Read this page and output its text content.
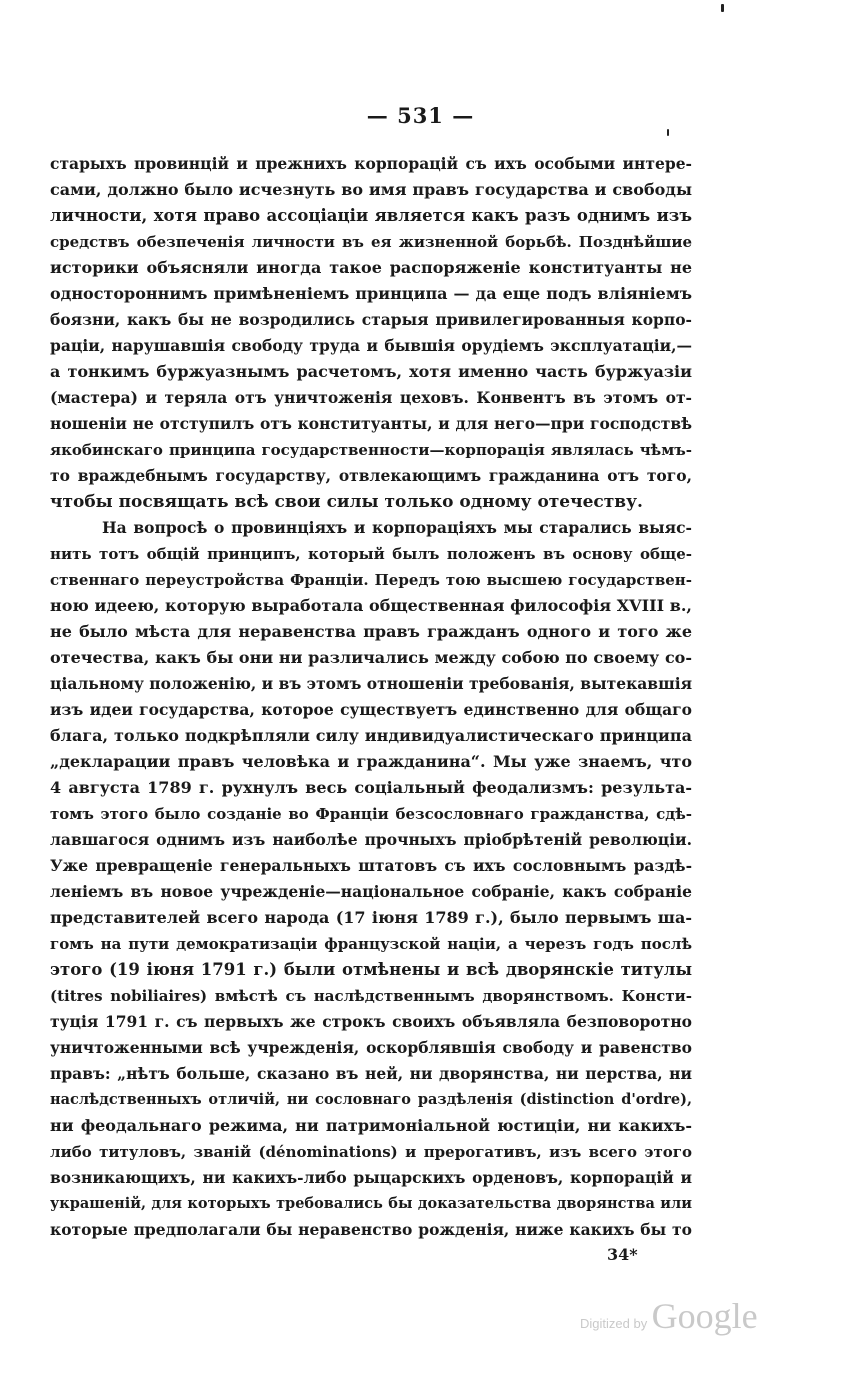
— 531 —
старыхъ провинцій и прежнихъ корпорацій съ ихъ особыми интере-
сами, должно было исчезнуть во имя правъ государства и свободы
личности, хотя право ассоціаціи является какъ разъ однимъ изъ
средствъ обезпеченія личности въ ея жизненной борьбѣ. Позднѣйшие
историки объясняли иногда такое распоряженіе конституанты не
одностороннимъ примѣненіемъ принципа — да еще подъ вліяніемъ
боязни, какъ бы не возродились старыя привилегированныя корпо-
раціи, нарушавшія свободу труда и бывшія орудіемъ эксплуатаціи,—
а тонкимъ буржуазнымъ расчетомъ, хотя именно часть буржуазіи
(мастера) и теряла отъ уничтоженія цеховъ. Конвентъ въ этомъ от-
ношеніи не отступилъ отъ конституанты, и для него—при господствѣ
якобинскаго принципа государственности—корпорація являлась чѣмъ-
то враждебнымъ государству, отвлекающимъ гражданина отъ того,
чтобы посвящать всѣ свои силы только одному отечеству.
На вопросѣ о провинціяхъ и корпораціяхъ мы старались выяс-
нить тотъ общій принципъ, который былъ положенъ въ основу обще-
ственнаго переустройства Франціи. Передъ тою высшею государствен-
ною идеею, которую выработала общественная философія XVIII в.,
не было мѣста для неравенства правъ гражданъ одного и того же
отечества, какъ бы они ни различались между собою по своему со-
ціальному положенію, и въ этомъ отношеніи требованія, вытекавшія
изъ идеи государства, которое существуетъ единственно для общаго
блага, только подкрѣпляли силу индивидуалистическаго принципа
„декларации правъ человѣка и гражданина“. Мы уже знаемъ, что
4 августа 1789 г. рухнулъ весь соціальный феодализмъ: результа-
томъ этого было созданіе во Франціи безсословнаго гражданства, сдѣ-
лавшагося однимъ изъ наиболѣе прочныхъ пріобрѣтеній революціи.
Уже превращеніе генеральныхъ штатовъ съ ихъ сословнымъ раздѣ-
леніемъ въ новое учрежденіе—національное собраніе, какъ собраніе
представителей всего народа (17 іюня 1789 г.), было первымъ ша-
гомъ на пути демократизаціи французской націи, а черезъ годъ послѣ
этого (19 іюня 1791 г.) были отмѣнены и всѣ дворянскіе титулы
(titres nobiliaires) вмѣстѣ съ наслѣдственнымъ дворянствомъ. Консти-
туція 1791 г. съ первыхъ же строкъ своихъ объявляла безповоротно
уничтоженными всѣ учрежденія, оскорблявшія свободу и равенство
правъ: „нѣтъ больше, сказано въ ней, ни дворянства, ни перства, ни
наслѣдственныхъ отличій, ни сословнаго раздѣленія (distinction d'ordre),
ни феодальнаго режима, ни патримоніальной юстиціи, ни какихъ-
либо титуловъ, званій (dénominations) и прерогативъ, изъ всего этого
возникающихъ, ни какихъ-либо рыцарскихъ орденовъ, корпорацій и
украшеній, для которыхъ требовались бы доказательства дворянства или
которые предполагали бы неравенство рожденія, ниже какихъ бы то
34*
Digitized by Google
